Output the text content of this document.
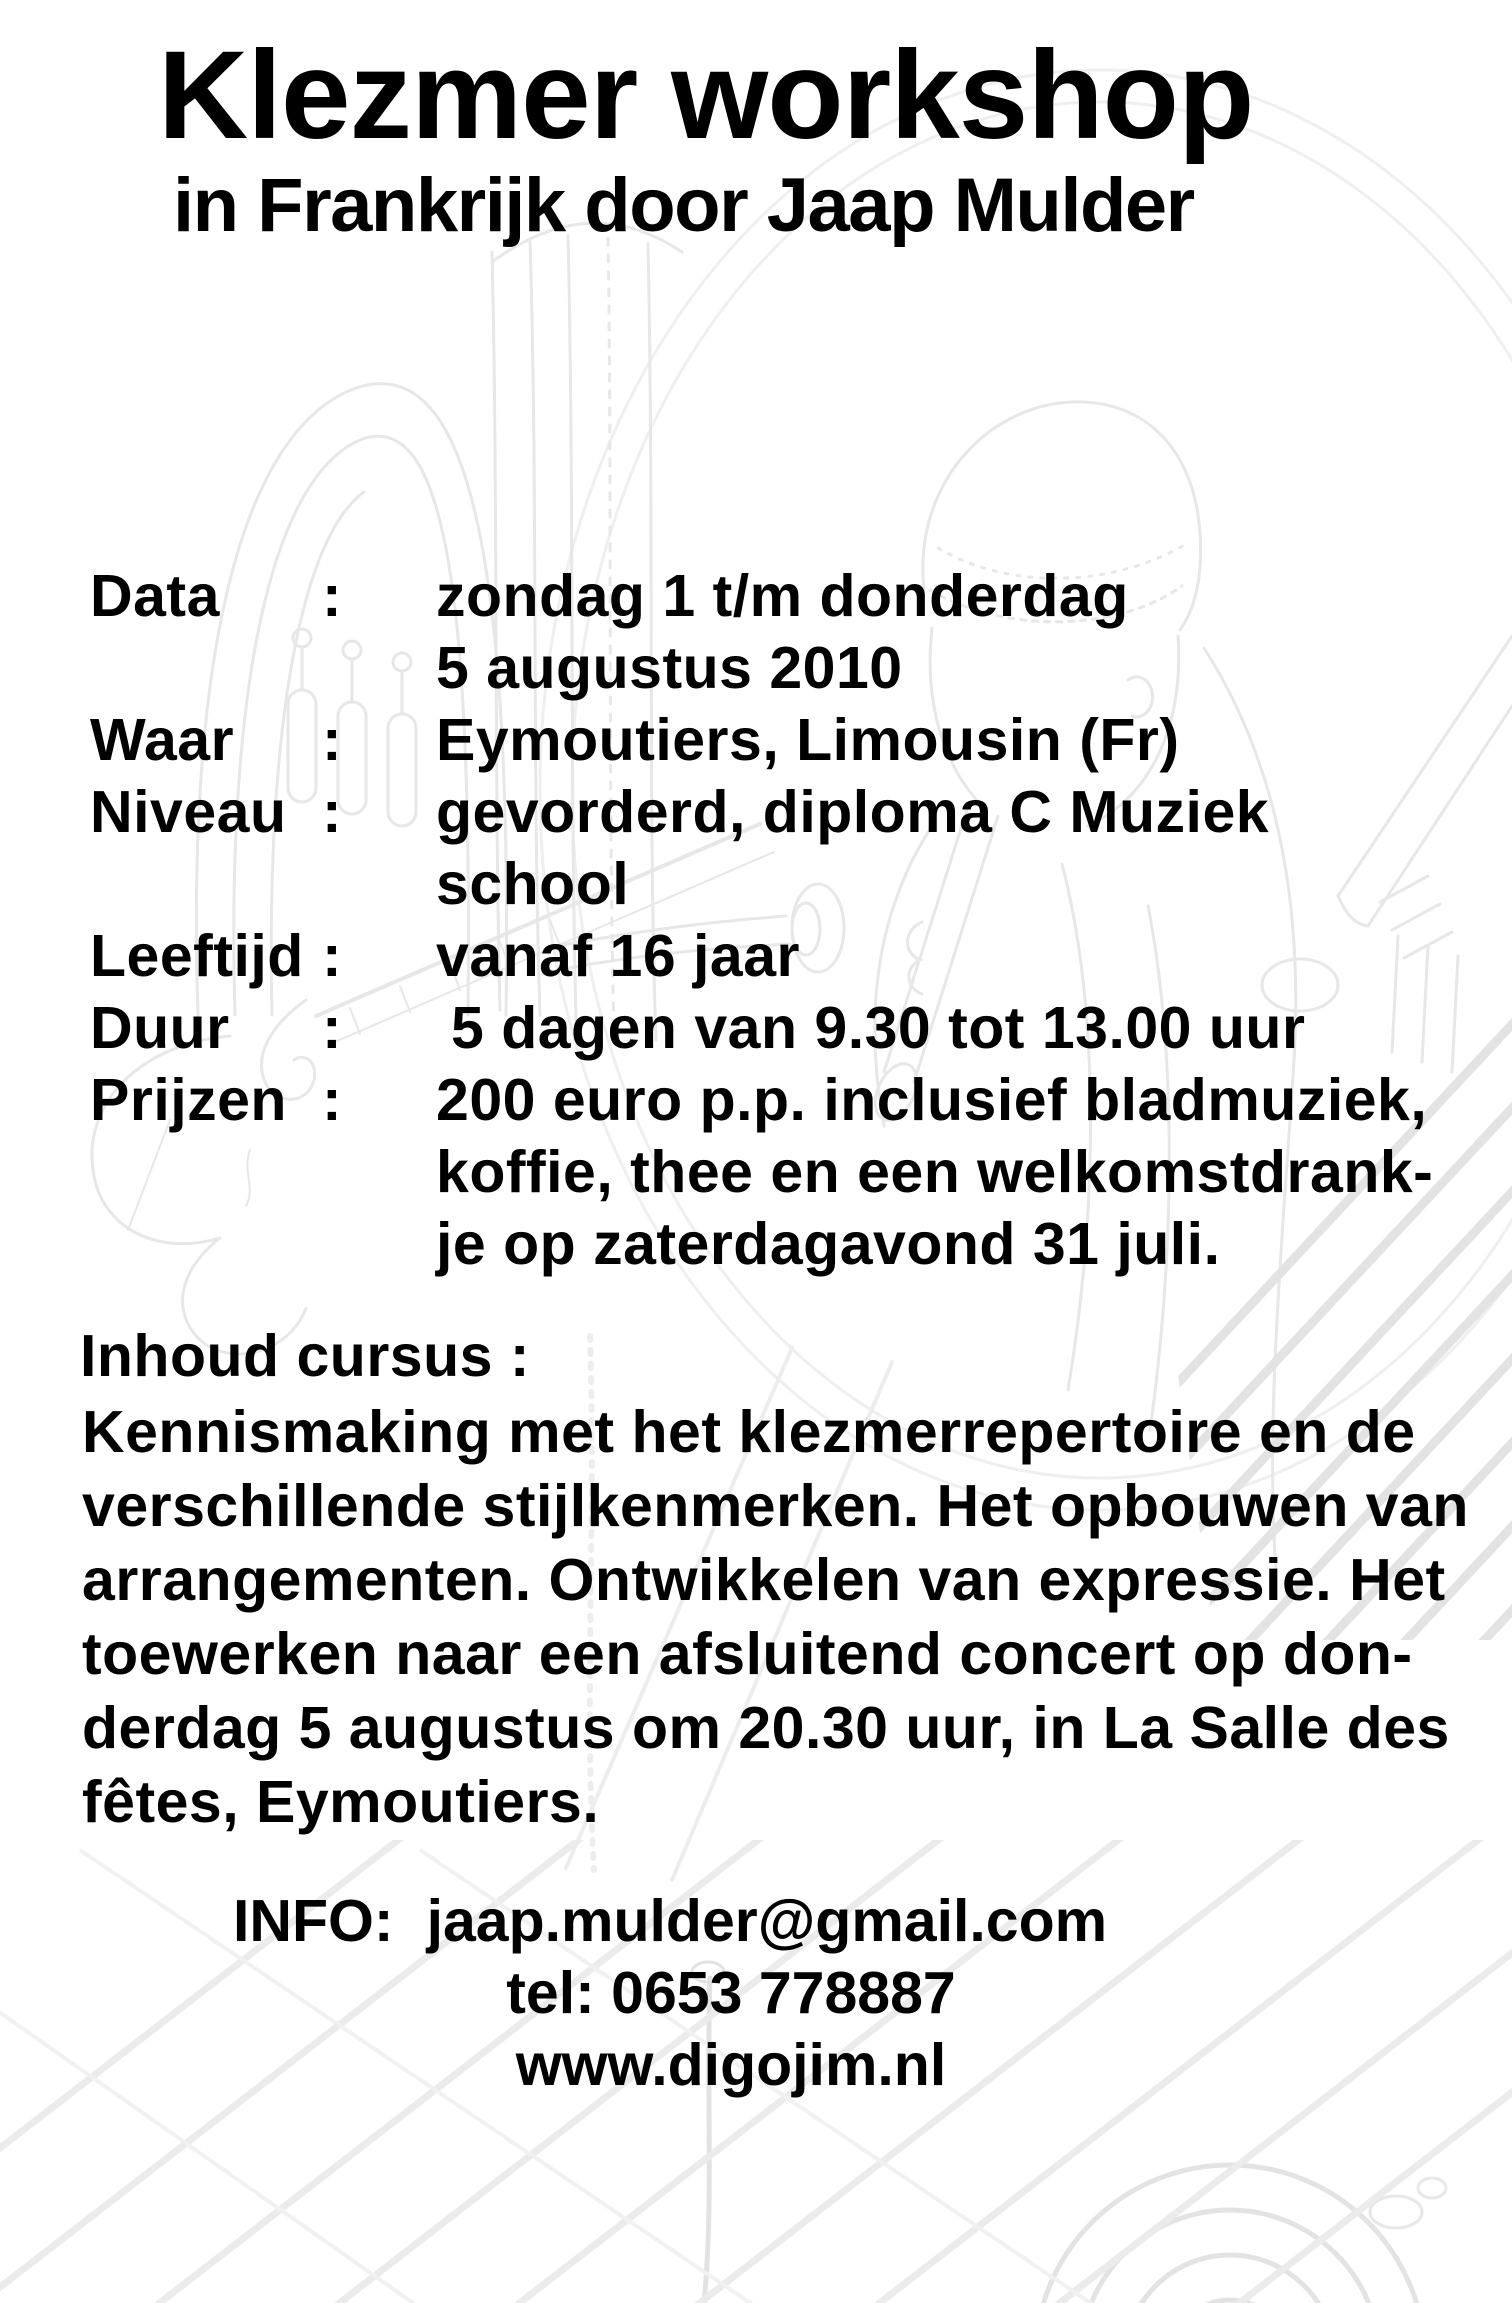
Klezmer workshop
in Frankrijk door Jaap Mulder
Data	:	zondag 1 t/m donderdag
5 augustus 2010
Waar	:	Eymoutiers, Limousin (Fr)
Niveau :	gevorderd, diploma C Muziek
school
Leeftijd :	vanaf 16 jaar
Duur	:	5 dagen van 9.30 tot 13.00 uur
Prijzen :	200 euro p.p. inclusief bladmuziek,
koffie, thee en een welkomstdrank-
je op zaterdagavond 31 juli.
Inhoud cursus :
Kennismaking met het klezmerrepertoire en de
verschillende stijlkenmerken. Het opbouwen van
arrangementen. Ontwikkelen van expressie. Het
toewerken naar een afsluitend concert op don-
derdag 5 augustus om 20.30 uur, in La Salle des
fêtes, Eymoutiers.
INFO: jaap.mulder@gmail.com
tel: 0653 778887
www.digojim.nl
